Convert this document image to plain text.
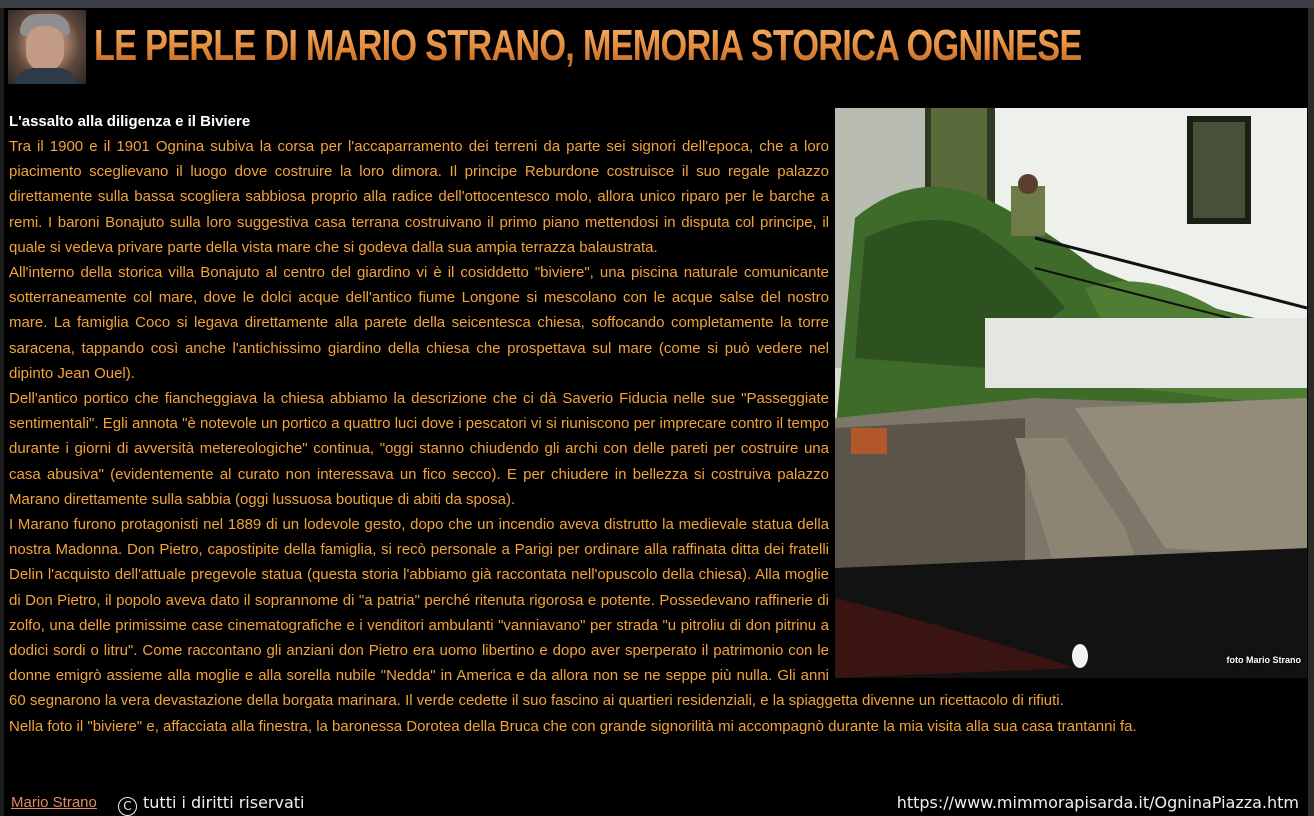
LE PERLE DI MARIO STRANO, MEMORIA STORICA OGNINESE
L'assalto alla diligenza e il Biviere
foto Mario Strano

Tra il 1900 e il 1901 Ognina subiva la corsa per l'accaparramento dei terreni da parte sei signori dell'epoca, che a loro piacimento sceglievano il luogo dove costruire la loro dimora. Il principe Reburdone costruisce il suo regale palazzo direttamente sulla bassa scogliera sabbiosa proprio alla radice dell'ottocentesco molo, allora unico riparo per le barche a remi. I baroni Bonajuto sulla loro suggestiva casa terrana costruivano il primo piano mettendosi in disputa col principe, il quale si vedeva privare parte della vista mare che si godeva dalla sua ampia terrazza balaustrata.

All'interno della storica villa Bonajuto al centro del giardino vi è il cosiddetto "biviere", una piscina naturale comunicante sotterraneamente col mare, dove le dolci acque dell'antico fiume Longone si mescolano con le acque salse del nostro mare. La famiglia Coco si legava direttamente alla parete della seicentesca chiesa, soffocando completamente la torre saracena, tappando così anche l'antichissimo giardino della chiesa che prospettava sul mare (come si può vedere nel dipinto Jean Ouel).

Dell'antico portico che fiancheggiava la chiesa abbiamo la descrizione che ci dà Saverio Fiducia nelle sue "Passeggiate sentimentali". Egli annota "è notevole un portico a quattro luci dove i pescatori vi si riuniscono per imprecare contro il tempo durante i giorni di avversità metereologiche" continua, "oggi stanno chiudendo gli archi con delle pareti per costruire una casa abusiva" (evidentemente al curato non interessava un fico secco). E per chiudere in bellezza si costruiva palazzo Marano direttamente sulla sabbia (oggi lussuosa boutique di abiti da sposa).

I Marano furono protagonisti nel 1889 di un lodevole gesto, dopo che un incendio aveva distrutto la medievale statua della nostra Madonna. Don Pietro, capostipite della famiglia, si recò personale a Parigi per ordinare alla raffinata ditta dei fratelli Delin l'acquisto dell'attuale pregevole statua (questa storia l'abbiamo già raccontata nell'opuscolo della chiesa). Alla moglie di Don Pietro, il popolo aveva dato il soprannome di "a patria" perché ritenuta rigorosa e potente. Possedevano raffinerie di zolfo, una delle primissime case cinematografiche e i venditori ambulanti "vanniavano" per strada "u pitroliu di don pitrinu a dodici sordi o litru". Come raccontano gli anziani don Pietro era uomo libertino e dopo aver sperperato il patrimonio con le donne emigrò assieme alla moglie e alla sorella nubile "Nedda" in America e da allora non se ne seppe più nulla. Gli anni 60 segnarono la vera devastazione della borgata marinara. Il verde cedette il suo fascino ai quartieri residenziali, e la spiaggetta divenne un ricettacolo di rifiuti.

Nella foto il "biviere" e, affacciata alla finestra, la baronessa Dorotea della Bruca che con grande signorilità mi accompagnò durante la mia visita alla sua casa trantanni fa.

Mario Strano	C tutti i diritti riservati	https://www.mimmorapisarda.it/OgninaPiazza.htm
